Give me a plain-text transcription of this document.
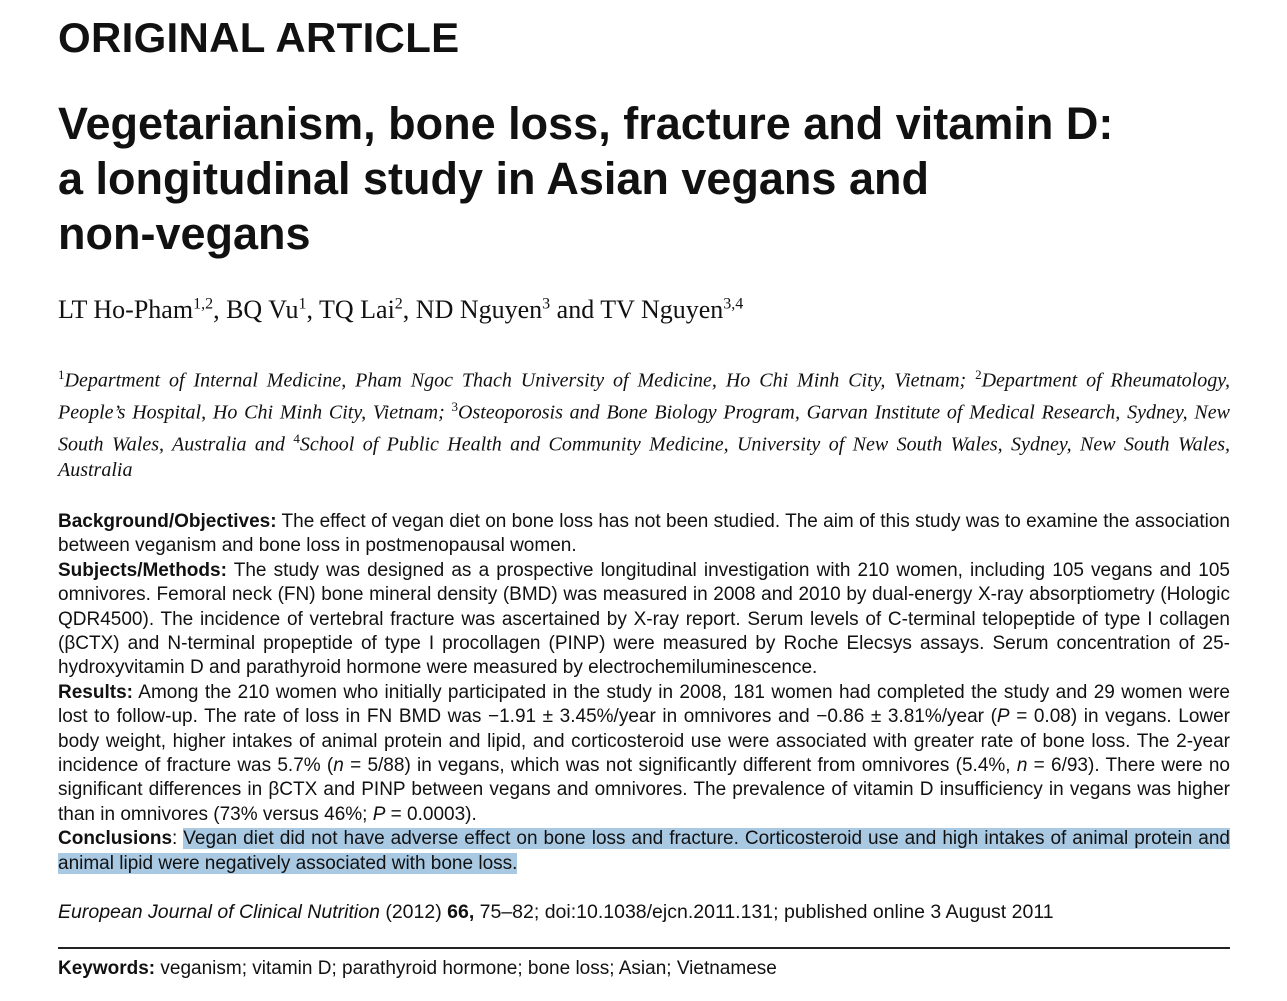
ORIGINAL ARTICLE
Vegetarianism, bone loss, fracture and vitamin D:
a longitudinal study in Asian vegans and
non-vegans
LT Ho-Pham$^{1,2}$, BQ Vu$^1$, TQ Lai$^2$, ND Nguyen$^3$ and TV Nguyen$^{3,4}$
$^1$Department of Internal Medicine, Pham Ngoc Thach University of Medicine, Ho Chi Minh City, Vietnam; $^2$Department of Rheumatology, People’s Hospital, Ho Chi Minh City, Vietnam; $^3$Osteoporosis and Bone Biology Program, Garvan Institute of Medical Research, Sydney, New South Wales, Australia and $^4$School of Public Health and Community Medicine, University of New South Wales, Sydney, New South Wales, Australia

Background/Objectives: The effect of vegan diet on bone loss has not been studied. The aim of this study was to examine the association between veganism and bone loss in postmenopausal women.

Subjects/Methods: The study was designed as a prospective longitudinal investigation with 210 women, including 105 vegans and 105 omnivores. Femoral neck (FN) bone mineral density (BMD) was measured in 2008 and 2010 by dual-energy X-ray absorptiometry (Hologic QDR4500). The incidence of vertebral fracture was ascertained by X-ray report. Serum levels of C-terminal telopeptide of type I collagen (βCTX) and N-terminal propeptide of type I procollagen (PINP) were measured by Roche Elecsys assays. Serum concentration of 25-hydroxyvitamin D and parathyroid hormone were measured by electrochemiluminescence.

Results: Among the 210 women who initially participated in the study in 2008, 181 women had completed the study and 29 women were lost to follow-up. The rate of loss in FN BMD was −1.91 ± 3.45%/year in omnivores and −0.86 ± 3.81%/year (P = 0.08) in vegans. Lower body weight, higher intakes of animal protein and lipid, and corticosteroid use were associated with greater rate of bone loss. The 2-year incidence of fracture was 5.7% (n = 5/88) in vegans, which was not significantly different from omnivores (5.4%, n = 6/93). There were no significant differences in βCTX and PINP between vegans and omnivores. The prevalence of vitamin D insufficiency in vegans was higher than in omnivores (73% versus 46%; P = 0.0003).

Conclusions: Vegan diet did not have adverse effect on bone loss and fracture. Corticosteroid use and high intakes of animal protein and animal lipid were negatively associated with bone loss.

European Journal of Clinical Nutrition (2012) 66, 75–82; doi:10.1038/ejcn.2011.131; published online 3 August 2011
Keywords: veganism; vitamin D; parathyroid hormone; bone loss; Asian; Vietnamese
